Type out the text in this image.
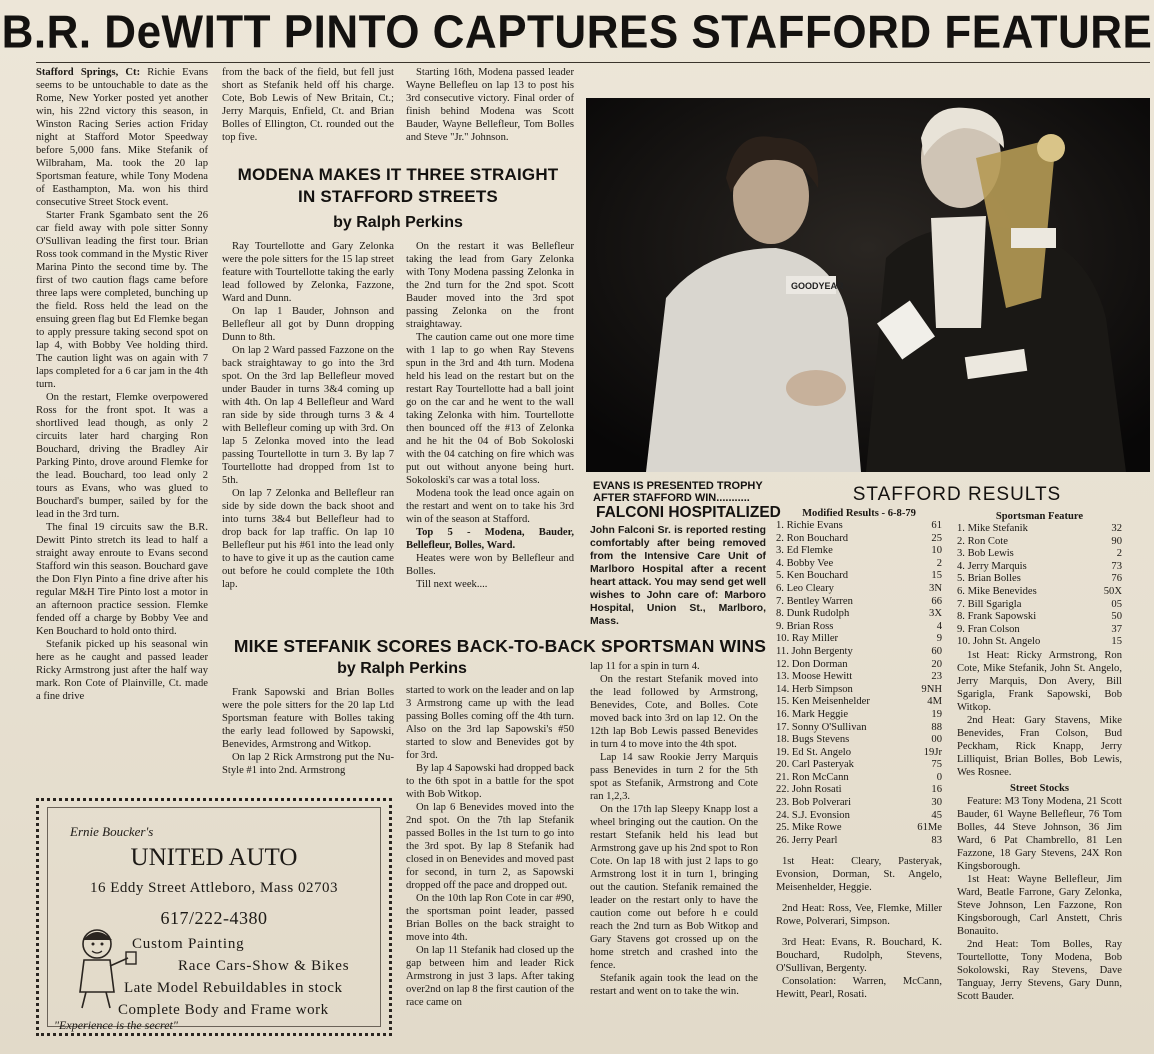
B.R. DeWITT PINTO CAPTURES STAFFORD FEATURE

Stafford Springs, Ct: Richie Evans seems to be untouchable to date as the Rome, New Yorker posted yet another win, his 22nd victory this season, in Winston Racing Series action Friday night at Stafford Motor Speedway before 5,000 fans. Mike Stefanik of Wilbraham, Ma. took the 20 lap Sportsman feature, while Tony Modena of Easthampton, Ma. won his third consecutive Street Stock event.

Starter Frank Sgambato sent the 26 car field away with pole sitter Sonny O'Sullivan leading the first tour. Brian Ross took command in the Mystic River Marina Pinto the second time by. The first of two caution flags came before three laps were completed, bunching up the field. Ross held the lead on the ensuing green flag but Ed Flemke began to apply pressure taking second spot on lap 4, with Bobby Vee holding third. The caution light was on again with 7 laps completed for a 6 car jam in the 4th turn.

On the restart, Flemke overpowered Ross for the front spot. It was a shortlived lead though, as only 2 circuits later hard charging Ron Bouchard, driving the Bradley Air Parking Pinto, drove around Flemke for the lead. Bouchard, too lead only 2 tours as Evans, who was glued to Bouchard's bumper, sailed by for the lead in the 3rd turn.

The final 19 circuits saw the B.R. Dewitt Pinto stretch its lead to half a straight away enroute to Evans second Stafford win this season. Bouchard gave the Don Flyn Pinto a fine drive after his regular M&H Tire Pinto lost a motor in an afternoon practice session. Flemke fended off a charge by Bobby Vee and Ken Bouchard to hold onto third.

Stefanik picked up his seasonal win here as he caught and passed leader Ricky Armstrong just after the half way mark. Ron Cote of Plainville, Ct. made a fine drive

from the back of the field, but fell just short as Stefanik held off his charge. Cote, Bob Lewis of New Britain, Ct.; Jerry Marquis, Enfield, Ct. and Brian Bolles of Ellington, Ct. rounded out the top five.

Starting 16th, Modena passed leader Wayne Bellefleu on lap 13 to post his 3rd consecutive victory. Final order of finish behind Modena was Scott Bauder, Wayne Bellefleur, Tom Bolles and Steve "Jr." Johnson.

MODENA MAKES IT THREE STRAIGHT
IN STAFFORD STREETS
by Ralph Perkins

Ray Tourtellotte and Gary Zelonka were the pole sitters for the 15 lap street feature with Tourtellotte taking the early lead followed by Zelonka, Fazzone, Ward and Dunn.

On lap 1 Bauder, Johnson and Bellefleur all got by Dunn dropping Dunn to 8th.

On lap 2 Ward passed Fazzone on the back straightaway to go into the 3rd spot. On the 3rd lap Bellefleur moved under Bauder in turns 3&4 coming up with 4th. On lap 4 Bellefleur and Ward ran side by side through turns 3 & 4 with Bellefleur coming up with 3rd. On lap 5 Zelonka moved into the lead passing Tourtellotte in turn 3. By lap 7 Tourtellotte had dropped from 1st to 5th.

On lap 7 Zelonka and Bellefleur ran side by side down the back shoot and into turns 3&4 but Bellefleur had to drop back for lap traffic. On lap 10 Bellefleur put his #61 into the lead only to have to give it up as the caution came out before he could complete the 10th lap.

On the restart it was Bellefleur taking the lead from Gary Zelonka with Tony Modena passing Zelonka in the 2nd turn for the 2nd spot. Scott Bauder moved into the 3rd spot passing Zelonka on the front straightaway.

The caution came out one more time with 1 lap to go when Ray Stevens spun in the 3rd and 4th turn. Modena held his lead on the restart but on the restart Ray Tourtellotte had a ball joint go on the car and he went to the wall taking Zelonka with him. Tourtellotte then bounced off the #13 of Zelonka and he hit the 04 of Bob Sokoloski with the 04 catching on fire which was put out without anyone being hurt. Sokoloski's car was a total loss.

Modena took the lead once again on the restart and went on to take his 3rd win of the season at Stafford.

Top 5 - Modena, Bauder, Bellefleur, Bolles, Ward.

Heates were won by Bellefleur and Bolles.

Till next week....

GOODYEAR
EVANS IS PRESENTED TROPHY AFTER STAFFORD WIN...........
FALCONI HOSPITALIZED
John Falconi Sr. is reported resting comfortably after being removed from the Intensive Care Unit of Marlboro Hospital after a recent heart attack. You may send get well wishes to John care of: Marboro Hospital, Union St., Marlboro, Mass.
STAFFORD RESULTS
Modified Results - 6-8-79
1. Richie Evans	61
2. Ron Bouchard	25
3. Ed Flemke	10
4. Bobby Vee	2
5. Ken Bouchard	15
6. Leo Cleary	3N
7. Bentley Warren	66
8. Dunk Rudolph	3X
9. Brian Ross	4
10. Ray Miller	9
11. John Bergenty	60
12. Don Dorman	20
13. Moose Hewitt	23
14. Herb Simpson	9NH
15. Ken Meisenhelder	4M
16. Mark Heggie	19
17. Sonny O'Sullivan	88
18. Bugs Stevens	00
19. Ed St. Angelo	19Jr
20. Carl Pasteryak	75
21. Ron McCann	0
22. John Rosati	16
23. Bob Polverari	30
24. S.J. Evonsion	45
25. Mike Rowe	61Me
26. Jerry Pearl	83

1st Heat: Cleary, Pasteryak, Evonsion, Dorman, St. Angelo, Meisenhelder, Heggie.

2nd Heat: Ross, Vee, Flemke, Miller Rowe, Polverari, Simpson.

3rd Heat: Evans, R. Bouchard, K. Bouchard, Rudolph, Stevens, O'Sullivan, Bergenty.

Consolation: Warren, McCann, Hewitt, Pearl, Rosati.

Sportsman Feature
1. Mike Stefanik	32
2. Ron Cote	90
3. Bob Lewis	2
4. Jerry Marquis	73
5. Brian Bolles	76
6. Mike Benevides	50X
7. Bill Sgarigla	05
8. Frank Sapowski	50
9. Fran Colson	37
10. John St. Angelo	15

1st Heat: Ricky Armstrong, Ron Cote, Mike Stefanik, John St. Angelo, Jerry Marquis, Don Avery, Bill Sgarigla, Frank Sapowski, Bob Witkop.

2nd Heat: Gary Stavens, Mike Benevides, Fran Colson, Bud Peckham, Rick Knapp, Jerry Lilliquist, Brian Bolles, Bob Lewis, Wes Rosnee.

Street Stocks

Feature: M3 Tony Modena, 21 Scott Bauder, 61 Wayne Bellefleur, 76 Tom Bolles, 44 Steve Johnson, 36 Jim Ward, 6 Pat Chambrello, 81 Len Fazzone, 18 Gary Stevens, 24X Ron Kingsborough.

1st Heat: Wayne Bellefleur, Jim Ward, Beatle Farrone, Gary Zelonka, Steve Johnson, Len Fazzone, Ron Kingsborough, Carl Anstett, Chris Bonauito.

2nd Heat: Tom Bolles, Ray Tourtellotte, Tony Modena, Bob Sokolowski, Ray Stevens, Dave Tanguay, Jerry Stevens, Gary Dunn, Scott Bauder.

MIKE STEFANIK SCORES BACK-TO-BACK SPORTSMAN WINS
by Ralph Perkins

Frank Sapowski and Brian Bolles were the pole sitters for the 20 lap Ltd Sportsman feature with Bolles taking the early lead followed by Sapowski, Benevides, Armstrong and Witkop.

On lap 2 Rick Armstrong put the Nu-Style #1 into 2nd. Armstrong

started to work on the leader and on lap 3 Armstrong came up with the lead passing Bolles coming off the 4th turn. Also on the 3rd lap Sapowski's #50 started to slow and Benevides got by for 3rd.

By lap 4 Sapowski had dropped back to the 6th spot in a battle for the spot with Bob Witkop.

On lap 6 Benevides moved into the 2nd spot. On the 7th lap Stefanik passed Bolles in the 1st turn to go into the 3rd spot. By lap 8 Stefanik had closed in on Benevides and moved past for second, in turn 2, as Sapowski dropped off the pace and dropped out.

On the 10th lap Ron Cote in car #90, the sportsman point leader, passed Brian Bolles on the back straight to move into 4th.

On lap 11 Stefanik had closed up the gap between him and leader Rick Armstrong in just 3 laps. After taking over2nd on lap 8 the first caution of the race came on

lap 11 for a spin in turn 4.

On the restart Stefanik moved into the lead followed by Armstrong, Benevides, Cote, and Bolles. Cote moved back into 3rd on lap 12. On the 12th lap Bob Lewis passed Benevides in turn 4 to move into the 4th spot.

Lap 14 saw Rookie Jerry Marquis pass Benevides in turn 2 for the 5th spot as Stefanik, Armstrong and Cote ran 1,2,3.

On the 17th lap Sleepy Knapp lost a wheel bringing out the caution. On the restart Stefanik held his lead but Armstrong gave up his 2nd spot to Ron Cote. On lap 18 with just 2 laps to go Armstrong lost it in turn 1, bringing out the caution. Stefanik remained the leader on the restart only to have the caution come out before h e could reach the 2nd turn as Bob Witkop and Gary Stavens got crossed up on the home stretch and crashed into the fence.

Stefanik again took the lead on the restart and went on to take the win.

Ernie Boucker's
UNITED AUTO
16 Eddy Street Attleboro, Mass 02703
617/222-4380
Custom Painting
Race Cars-Show & Bikes
Late Model Rebuildables in stock
Complete Body and Frame work
"Experience is the secret"
